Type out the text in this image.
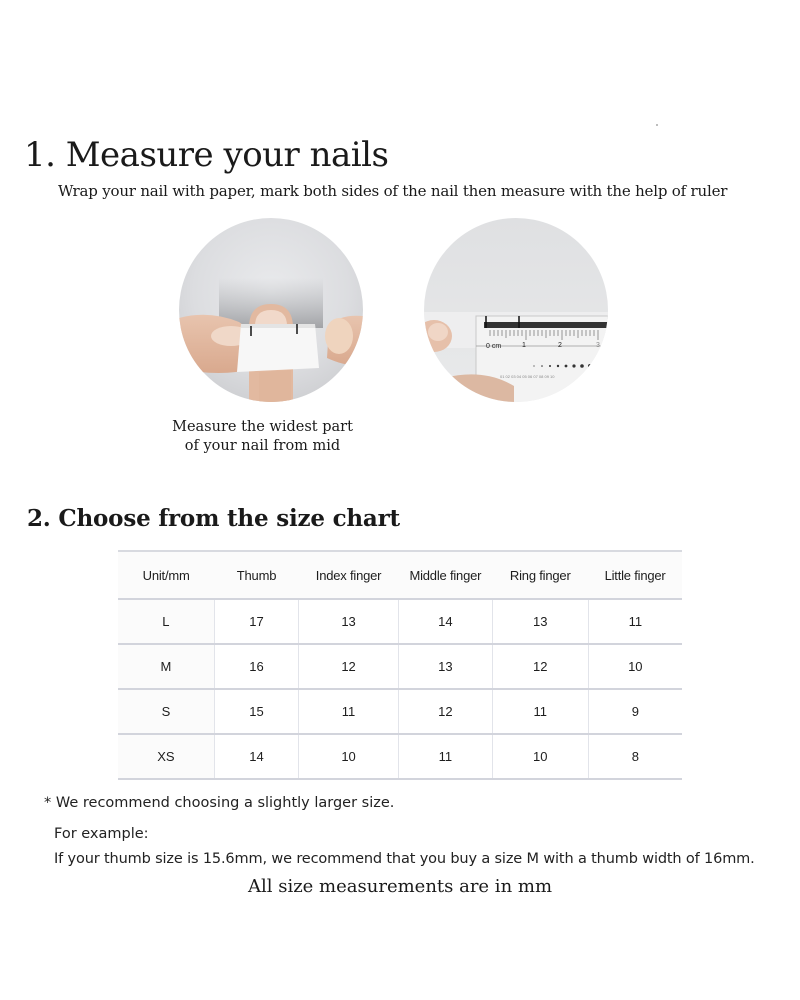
1. Measure your nails
Wrap your nail with paper, mark both sides of the nail then measure with the help of ruler
0 cm	1	2	3
01 02 03 04 05 06 07 08 09 10
Measure the widest part
of your nail from mid
2. Choose from the size chart
Unit/mm	Thumb	Index finger	Middle finger	Ring finger	Little finger
L	17	13	14	13	11
M	16	12	13	12	10
S	15	11	12	11	9
XS	14	10	11	10	8
* We recommend choosing a slightly larger size.
For example:
If your thumb size is 15.6mm, we recommend that you buy a size M with a thumb width of 16mm.
All size measurements are in mm
